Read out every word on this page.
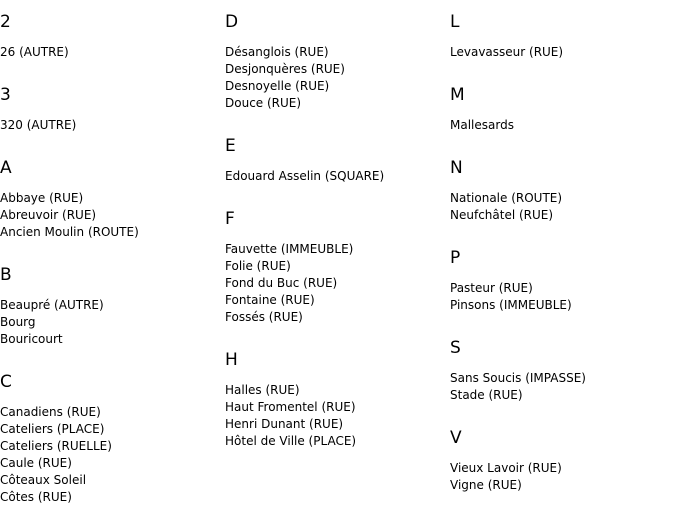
2
26 (AUTRE)
3
320 (AUTRE)
A
Abbaye (RUE)
Abreuvoir (RUE)
Ancien Moulin (ROUTE)
B
Beaupré (AUTRE)
Bourg
Bouricourt
C
Canadiens (RUE)
Cateliers (PLACE)
Cateliers (RUELLE)
Caule (RUE)
Côteaux Soleil
Côtes (RUE)
D
Désanglois (RUE)
Desjonquères (RUE)
Desnoyelle (RUE)
Douce (RUE)
E
Edouard Asselin (SQUARE)
F
Fauvette (IMMEUBLE)
Folie (RUE)
Fond du Buc (RUE)
Fontaine (RUE)
Fossés (RUE)
H
Halles (RUE)
Haut Fromentel (RUE)
Henri Dunant (RUE)
Hôtel de Ville (PLACE)
L
Levavasseur (RUE)
M
Mallesards
N
Nationale (ROUTE)
Neufchâtel (RUE)
P
Pasteur (RUE)
Pinsons (IMMEUBLE)
S
Sans Soucis (IMPASSE)
Stade (RUE)
V
Vieux Lavoir (RUE)
Vigne (RUE)
